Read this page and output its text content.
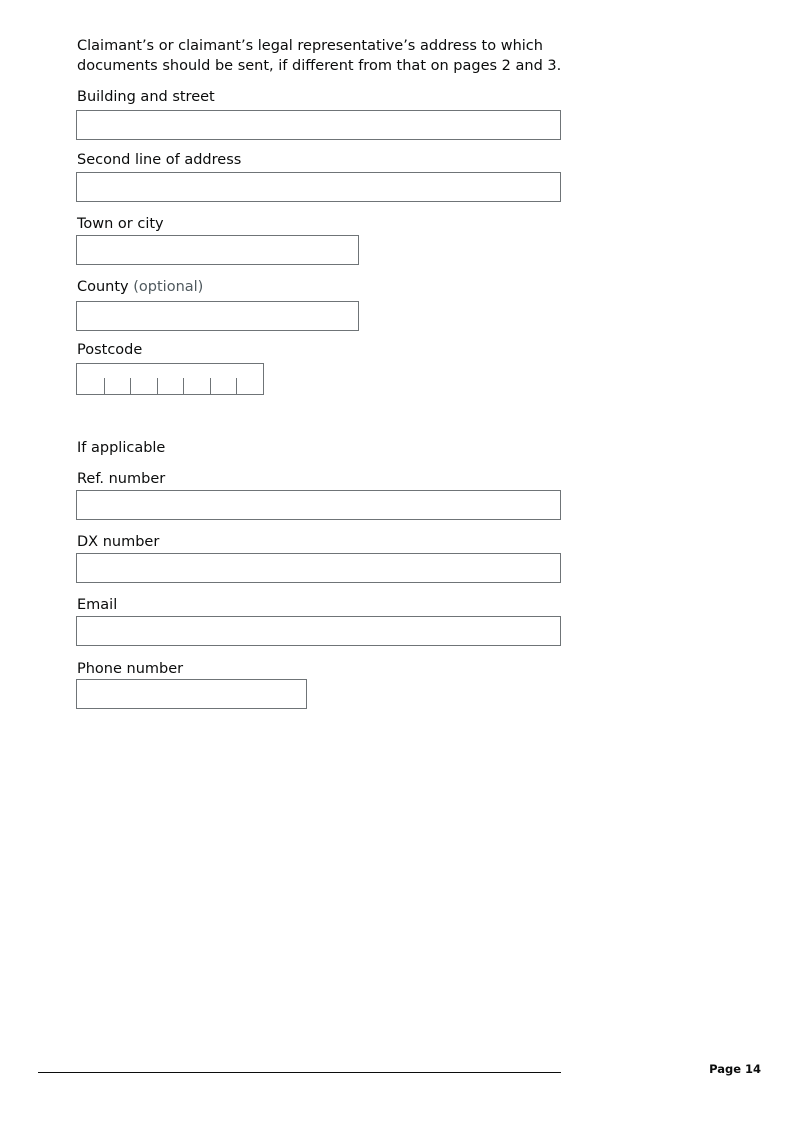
Claimant’s or claimant’s legal representative’s address to which documents should be sent, if different from that on pages 2 and 3.
Building and street
Second line of address
Town or city
County (optional)
Postcode
If applicable
Ref. number
DX number
Email
Phone number
Page 14
